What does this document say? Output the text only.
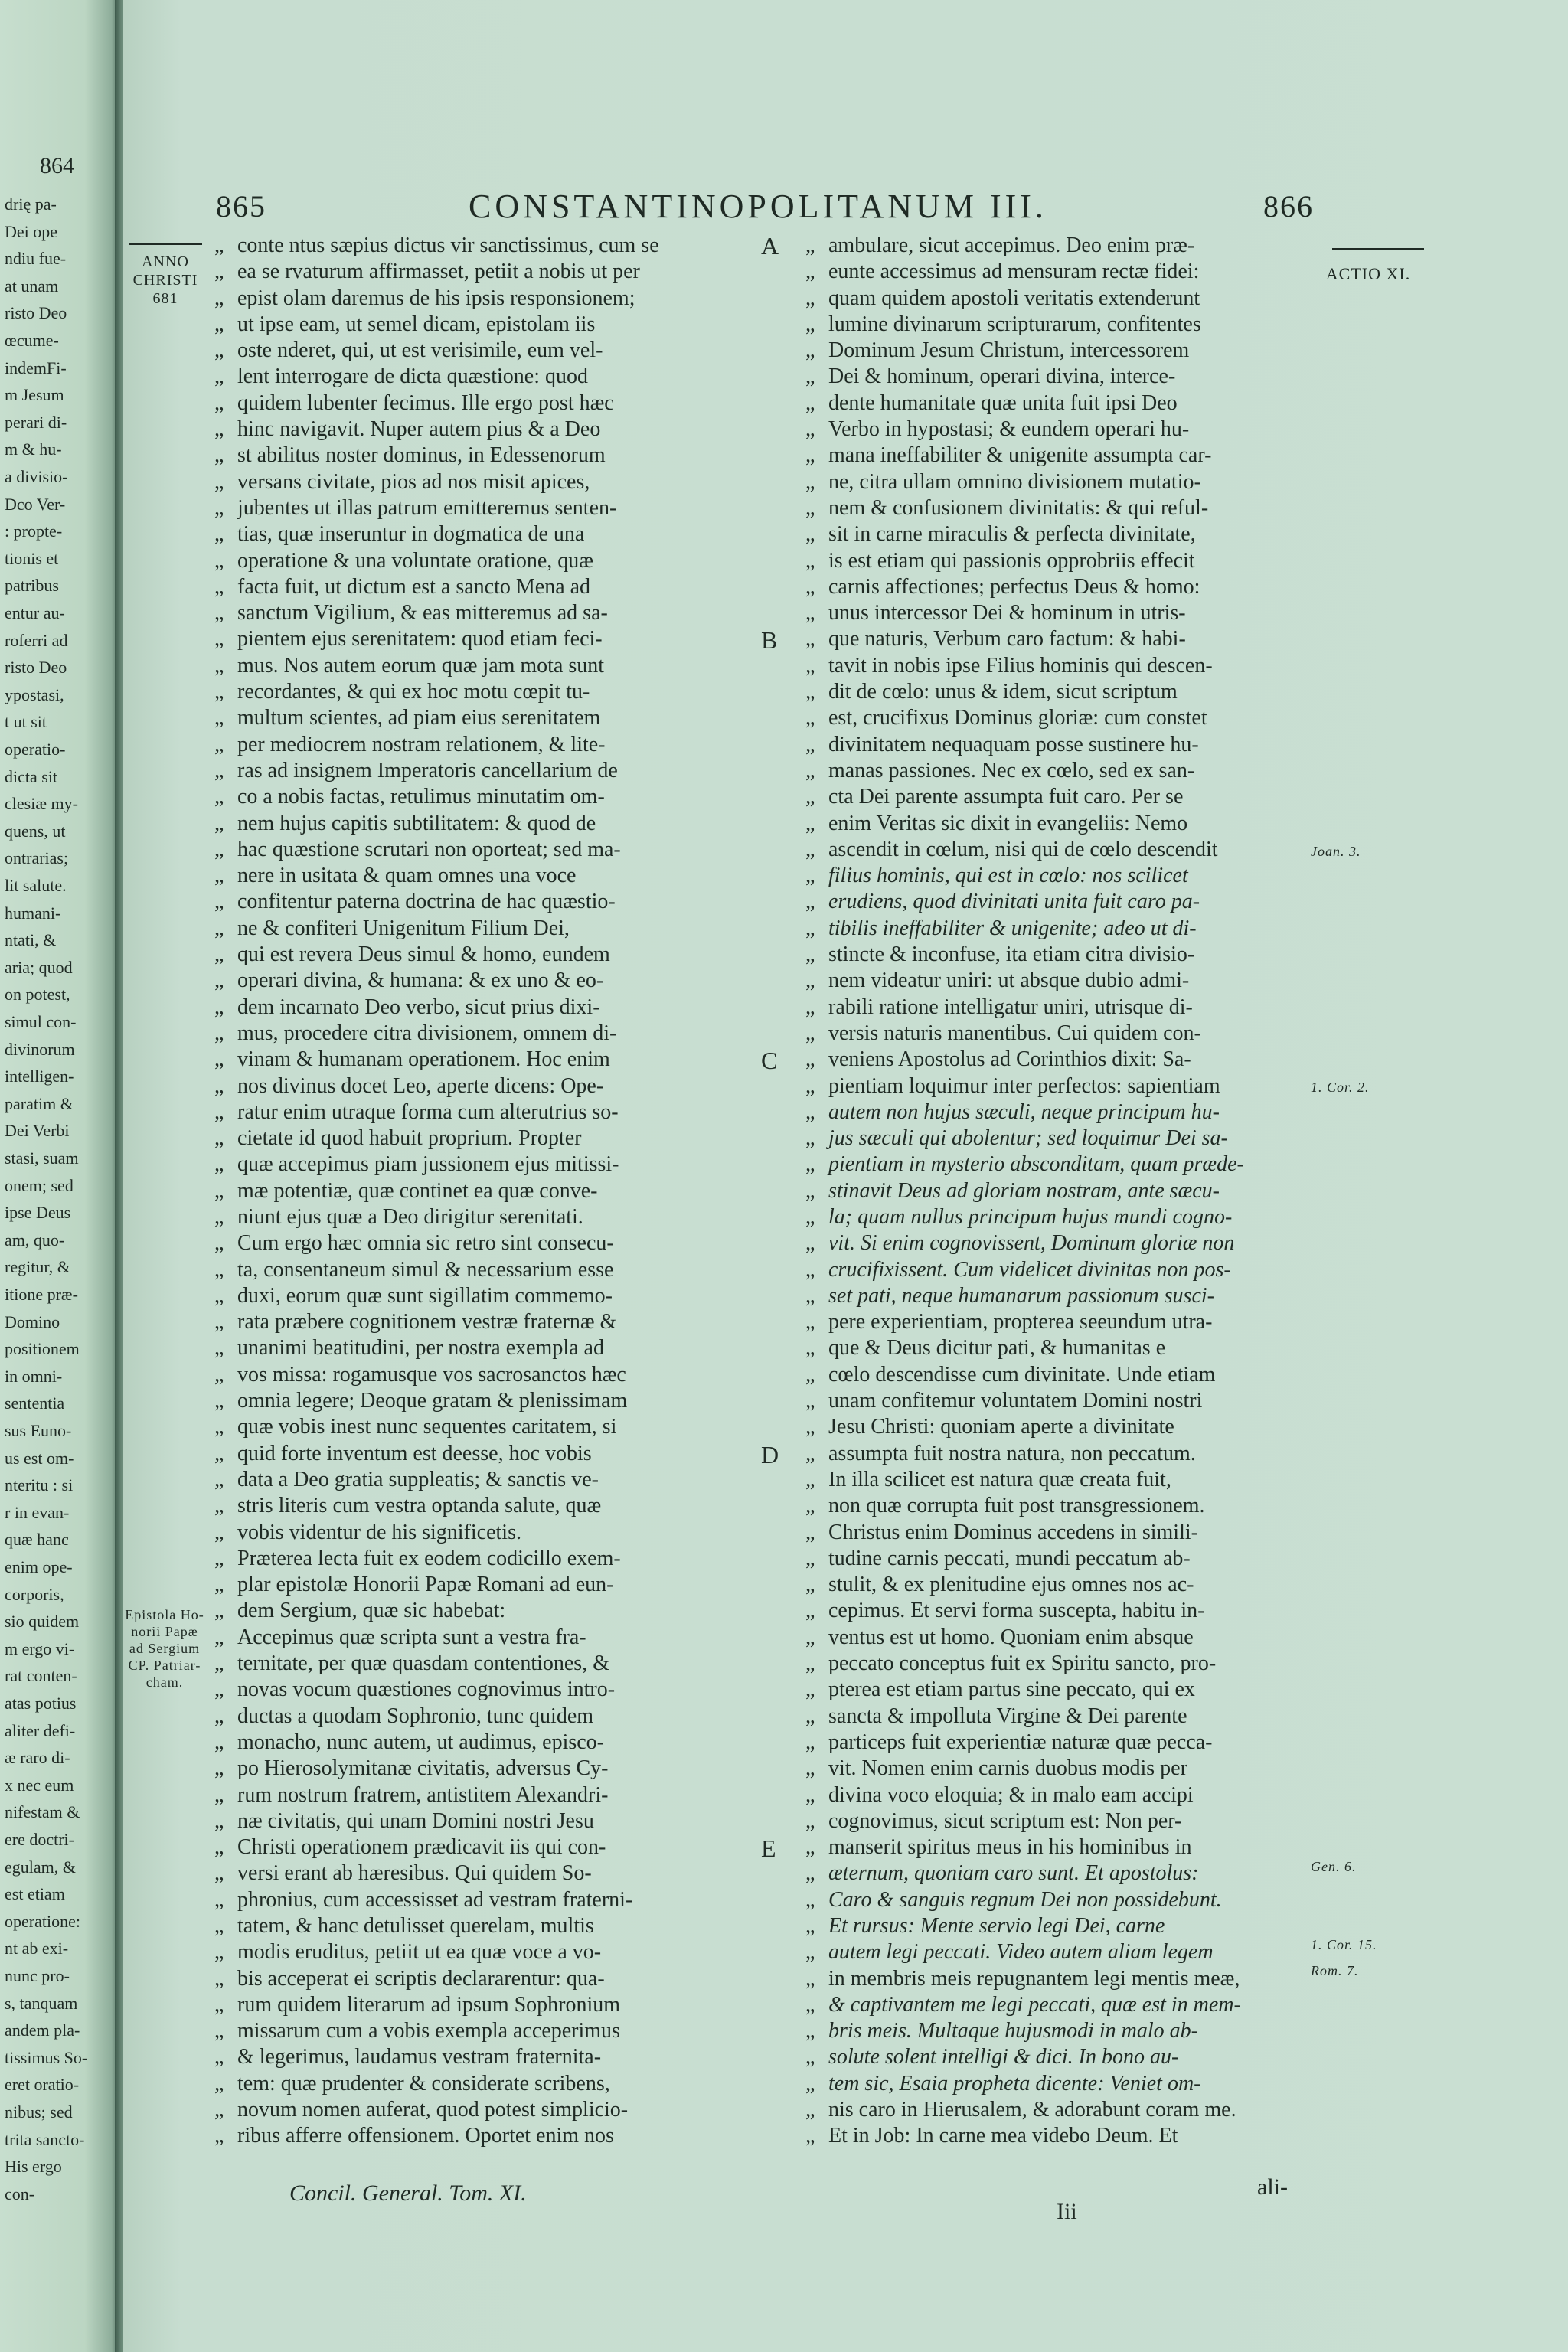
864
drię pa-
Dei ope
ndiu fue-
at unam
risto Deo
œcume-
indemFi-
m Jesum
perari di-
m & hu-
a divisio-
Dco Ver-
: propte-
tionis et
patribus
entur au-
roferri ad
risto Deo
ypostasi,
t ut sit
operatio-
dicta sit
clesiæ my-
quens, ut
ontrarias;
lit salute.
humani-
ntati, &
aria; quod
on potest,
simul con-
divinorum
intelligen-
paratim &
Dei Verbi
stasi, suam
onem; sed
ipse Deus
am, quo-
regitur, &
itione præ-
Domino
positionem
in omni-
sententia
sus Euno-
us est om-
nteritu : si
r in evan-
quæ hanc
enim ope-
corporis,
sio quidem
m ergo vi-
rat conten-
atas potius
aliter defi-
æ raro di-
x nec eum
nifestam &
ere doctri-
egulam, &
est etiam
operatione:
nt ab exi-
nunc pro-
s, tanquam
andem pla-
tissimus So-
eret oratio-
nibus; sed
trita sancto-
His ergo
con-
865	CONSTANTINOPOLITANUM III.	866
ANNO
CHRISTI
681
ACTIO XI.
Epistola Ho-
norii Papæ
ad Sergium
CP. Patriar-
cham.
Joan. 3.
1. Cor. 2.
Gen. 6.
1. Cor. 15.
Rom. 7.
A
B
C
D
E
„ conte ntus sæpius dictus vir sanctissimus, cum se
„ ea se rvaturum affirmasset, petiit a nobis ut per
„ epist olam daremus de his ipsis responsionem;
„ ut ipse eam, ut semel dicam, epistolam iis
„ oste nderet, qui, ut est verisimile, eum vel-
„ lent interrogare de dicta quæstione: quod
„ quidem lubenter fecimus. Ille ergo post hæc
„ hinc navigavit. Nuper autem pius & a Deo
„ st abilitus noster dominus, in Edessenorum
„ versans civitate, pios ad nos misit apices,
„ jubentes ut illas patrum emitteremus senten-
„ tias, quæ inseruntur in dogmatica de una
„ operatione & una voluntate oratione, quæ
„ facta fuit, ut dictum est a sancto Mena ad
„ sanctum Vigilium, & eas mitteremus ad sa-
„ pientem ejus serenitatem: quod etiam feci-
„ mus. Nos autem eorum quæ jam mota sunt
„ recordantes, & qui ex hoc motu cœpit tu-
„ multum scientes, ad piam eius serenitatem
„ per mediocrem nostram relationem, & lite-
„ ras ad insignem Imperatoris cancellarium de
„ co a nobis factas, retulimus minutatim om-
„ nem hujus capitis subtilitatem: & quod de
„ hac quæstione scrutari non oporteat; sed ma-
„ nere in usitata & quam omnes una voce
„ confitentur paterna doctrina de hac quæstio-
„ ne & confiteri Unigenitum Filium Dei,
„ qui est revera Deus simul & homo, eundem
„ operari divina, & humana: & ex uno & eo-
„ dem incarnato Deo verbo, sicut prius dixi-
„ mus, procedere citra divisionem, omnem di-
„ vinam & humanam operationem. Hoc enim
„ nos divinus docet Leo, aperte dicens: Ope-
„ ratur enim utraque forma cum alterutrius so-
„ cietate id quod habuit proprium. Propter
„ quæ accepimus piam jussionem ejus mitissi-
„ mæ potentiæ, quæ continet ea quæ conve-
„ niunt ejus quæ a Deo dirigitur serenitati.
„ Cum ergo hæc omnia sic retro sint consecu-
„ ta, consentaneum simul & necessarium esse
„ duxi, eorum quæ sunt sigillatim commemo-
„ rata præbere cognitionem vestræ fraternæ &
„ unanimi beatitudini, per nostra exempla ad
„ vos missa: rogamusque vos sacrosanctos hæc
„ omnia legere; Deoque gratam & plenissimam
„ quæ vobis inest nunc sequentes caritatem, si
„ quid forte inventum est deesse, hoc vobis
„ data a Deo gratia suppleatis; & sanctis ve-
„ stris literis cum vestra optanda salute, quæ
„ vobis videntur de his significetis.
„ Præterea lecta fuit ex eodem codicillo exem-
„ plar epistolæ Honorii Papæ Romani ad eun-
„ dem Sergium, quæ sic habebat:
„ Accepimus quæ scripta sunt a vestra fra-
„ ternitate, per quæ quasdam contentiones, &
„ novas vocum quæstiones cognovimus intro-
„ ductas a quodam Sophronio, tunc quidem
„ monacho, nunc autem, ut audimus, episco-
„ po Hierosolymitanæ civitatis, adversus Cy-
„ rum nostrum fratrem, antistitem Alexandri-
„ næ civitatis, qui unam Domini nostri Jesu
„ Christi operationem prædicavit iis qui con-
„ versi erant ab hæresibus. Qui quidem So-
„ phronius, cum accessisset ad vestram fraterni-
„ tatem, & hanc detulisset querelam, multis
„ modis eruditus, petiit ut ea quæ voce a vo-
„ bis acceperat ei scriptis declararentur: qua-
„ rum quidem literarum ad ipsum Sophronium
„ missarum cum a vobis exempla acceperimus
„ & legerimus, laudamus vestram fraternita-
„ tem: quæ prudenter & considerate scribens,
„ novum nomen auferat, quod potest simplicio-
„ ribus afferre offensionem. Oportet enim nos
„ ambulare, sicut accepimus. Deo enim præ-
„ eunte accessimus ad mensuram rectæ fidei:
„ quam quidem apostoli veritatis extenderunt
„ lumine divinarum scripturarum, confitentes
„ Dominum Jesum Christum, intercessorem
„ Dei & hominum, operari divina, interce-
„ dente humanitate quæ unita fuit ipsi Deo
„ Verbo in hypostasi; & eundem operari hu-
„ mana ineffabiliter & unigenite assumpta car-
„ ne, citra ullam omnino divisionem mutatio-
„ nem & confusionem divinitatis: & qui reful-
„ sit in carne miraculis & perfecta divinitate,
„ is est etiam qui passionis opprobriis effecit
„ carnis affectiones; perfectus Deus & homo:
„ unus intercessor Dei & hominum in utris-
„ que naturis, Verbum caro factum: & habi-
„ tavit in nobis ipse Filius hominis qui descen-
„ dit de cœlo: unus & idem, sicut scriptum
„ est, crucifixus Dominus gloriæ: cum constet
„ divinitatem nequaquam posse sustinere hu-
„ manas passiones. Nec ex cœlo, sed ex san-
„ cta Dei parente assumpta fuit caro. Per se
„ enim Veritas sic dixit in evangeliis: Nemo
„ ascendit in cœlum, nisi qui de cœlo descendit
„ filius hominis, qui est in cœlo: nos scilicet
„ erudiens, quod divinitati unita fuit caro pa-
„ tibilis ineffabiliter & unigenite; adeo ut di-
„ stincte & inconfuse, ita etiam citra divisio-
„ nem videatur uniri: ut absque dubio admi-
„ rabili ratione intelligatur uniri, utrisque di-
„ versis naturis manentibus. Cui quidem con-
„ veniens Apostolus ad Corinthios dixit: Sa-
„ pientiam loquimur inter perfectos: sapientiam
„ autem non hujus sæculi, neque principum hu-
„ jus sæculi qui abolentur; sed loquimur Dei sa-
„ pientiam in mysterio absconditam, quam præde-
„ stinavit Deus ad gloriam nostram, ante sæcu-
„ la; quam nullus principum hujus mundi cogno-
„ vit. Si enim cognovissent, Dominum gloriæ non
„ crucifixissent. Cum videlicet divinitas non pos-
„ set pati, neque humanarum passionum susci-
„ pere experientiam, propterea seeundum utra-
„ que & Deus dicitur pati, & humanitas e
„ cœlo descendisse cum divinitate. Unde etiam
„ unam confitemur voluntatem Domini nostri
„ Jesu Christi: quoniam aperte a divinitate
„ assumpta fuit nostra natura, non peccatum.
„ In illa scilicet est natura quæ creata fuit,
„ non quæ corrupta fuit post transgressionem.
„ Christus enim Dominus accedens in simili-
„ tudine carnis peccati, mundi peccatum ab-
„ stulit, & ex plenitudine ejus omnes nos ac-
„ cepimus. Et servi forma suscepta, habitu in-
„ ventus est ut homo. Quoniam enim absque
„ peccato conceptus fuit ex Spiritu sancto, pro-
„ pterea est etiam partus sine peccato, qui ex
„ sancta & impolluta Virgine & Dei parente
„ particeps fuit experientiæ naturæ quæ pecca-
„ vit. Nomen enim carnis duobus modis per
„ divina voco eloquia; & in malo eam accipi
„ cognovimus, sicut scriptum est: Non per-
„ manserit spiritus meus in his hominibus in
„ æternum, quoniam caro sunt. Et apostolus:
„ Caro & sanguis regnum Dei non possidebunt.
„ Et rursus: Mente servio legi Dei, carne
„ autem legi peccati. Video autem aliam legem
„ in membris meis repugnantem legi mentis meæ,
„ & captivantem me legi peccati, quæ est in mem-
„ bris meis. Multaque hujusmodi in malo ab-
„ solute solent intelligi & dici. In bono au-
„ tem sic, Esaia propheta dicente: Veniet om-
„ nis caro in Hierusalem, & adorabunt coram me.
„ Et in Job: In carne mea videbo Deum. Et
Concil. General. Tom. XI.
Iii
ali-
